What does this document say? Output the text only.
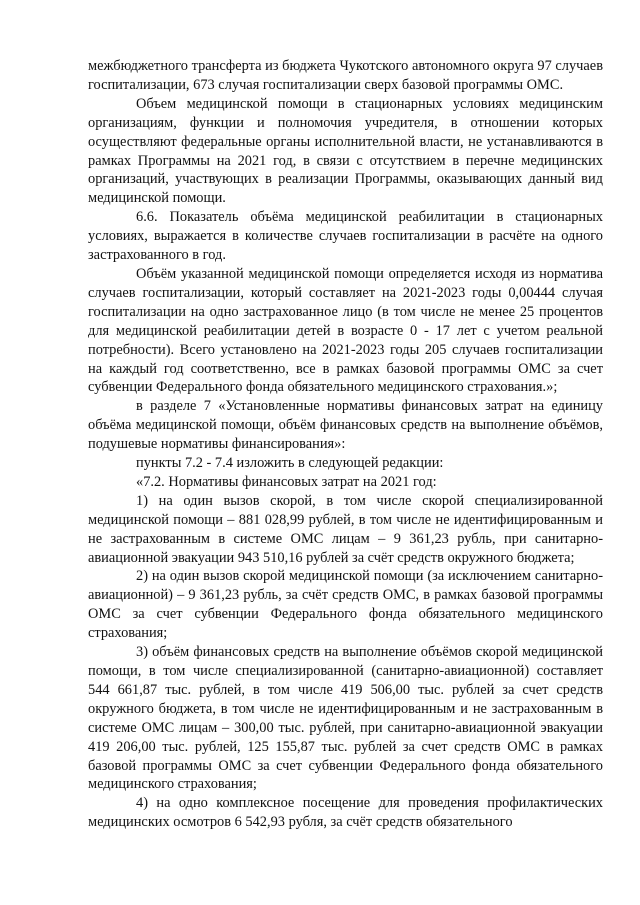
межбюджетного трансферта из бюджета Чукотского автономного округа 97 случаев госпитализации, 673 случая госпитализации сверх базовой программы ОМС.

Объем медицинской помощи в стационарных условиях медицинским организациям, функции и полномочия учредителя, в отношении которых осуществляют федеральные органы исполнительной власти, не устанавливаются в рамках Программы на 2021 год, в связи с отсутствием в перечне медицинских организаций, участвующих в реализации Программы, оказывающих данный вид медицинской помощи.

6.6. Показатель объёма медицинской реабилитации в стационарных условиях, выражается в количестве случаев госпитализации в расчёте на одного застрахованного в год.

Объём указанной медицинской помощи определяется исходя из норматива случаев госпитализации, который составляет на 2021-2023 годы 0,00444 случая госпитализации на одно застрахованное лицо (в том числе не менее 25 процентов для медицинской реабилитации детей в возрасте 0 - 17 лет с учетом реальной потребности). Всего установлено на 2021-2023 годы 205 случаев госпитализации на каждый год соответственно, все в рамках базовой программы ОМС за счет субвенции Федерального фонда обязательного медицинского страхования.»;

в разделе 7 «Установленные нормативы финансовых затрат на единицу объёма медицинской помощи, объём финансовых средств на выполнение объёмов, подушевые нормативы финансирования»:

пункты 7.2 - 7.4 изложить в следующей редакции:

«7.2. Нормативы финансовых затрат на 2021 год:

1) на один вызов скорой, в том числе скорой специализированной медицинской помощи – 881 028,99 рублей, в том числе не идентифицированным и не застрахованным в системе ОМС лицам – 9 361,23 рубль, при санитарно-авиационной эвакуации 943 510,16 рублей за счёт средств окружного бюджета;

2) на один вызов скорой медицинской помощи (за исключением санитарно-авиационной) – 9 361,23 рубль, за счёт средств ОМС, в рамках базовой программы ОМС за счет субвенции Федерального фонда обязательного медицинского страхования;

3) объём финансовых средств на выполнение объёмов скорой медицинской помощи, в том числе специализированной (санитарно-авиационной) составляет 544 661,87 тыс. рублей, в том числе 419 506,00 тыс. рублей за счет средств окружного бюджета, в том числе не идентифицированным и не застрахованным в системе ОМС лицам – 300,00 тыс. рублей, при санитарно-авиационной эвакуации 419 206,00 тыс. рублей, 125 155,87 тыс. рублей за счет средств ОМС в рамках базовой программы ОМС за счет субвенции Федерального фонда обязательного медицинского страхования;

4) на одно комплексное посещение для проведения профилактических медицинских осмотров 6 542,93 рубля, за счёт средств обязательного
